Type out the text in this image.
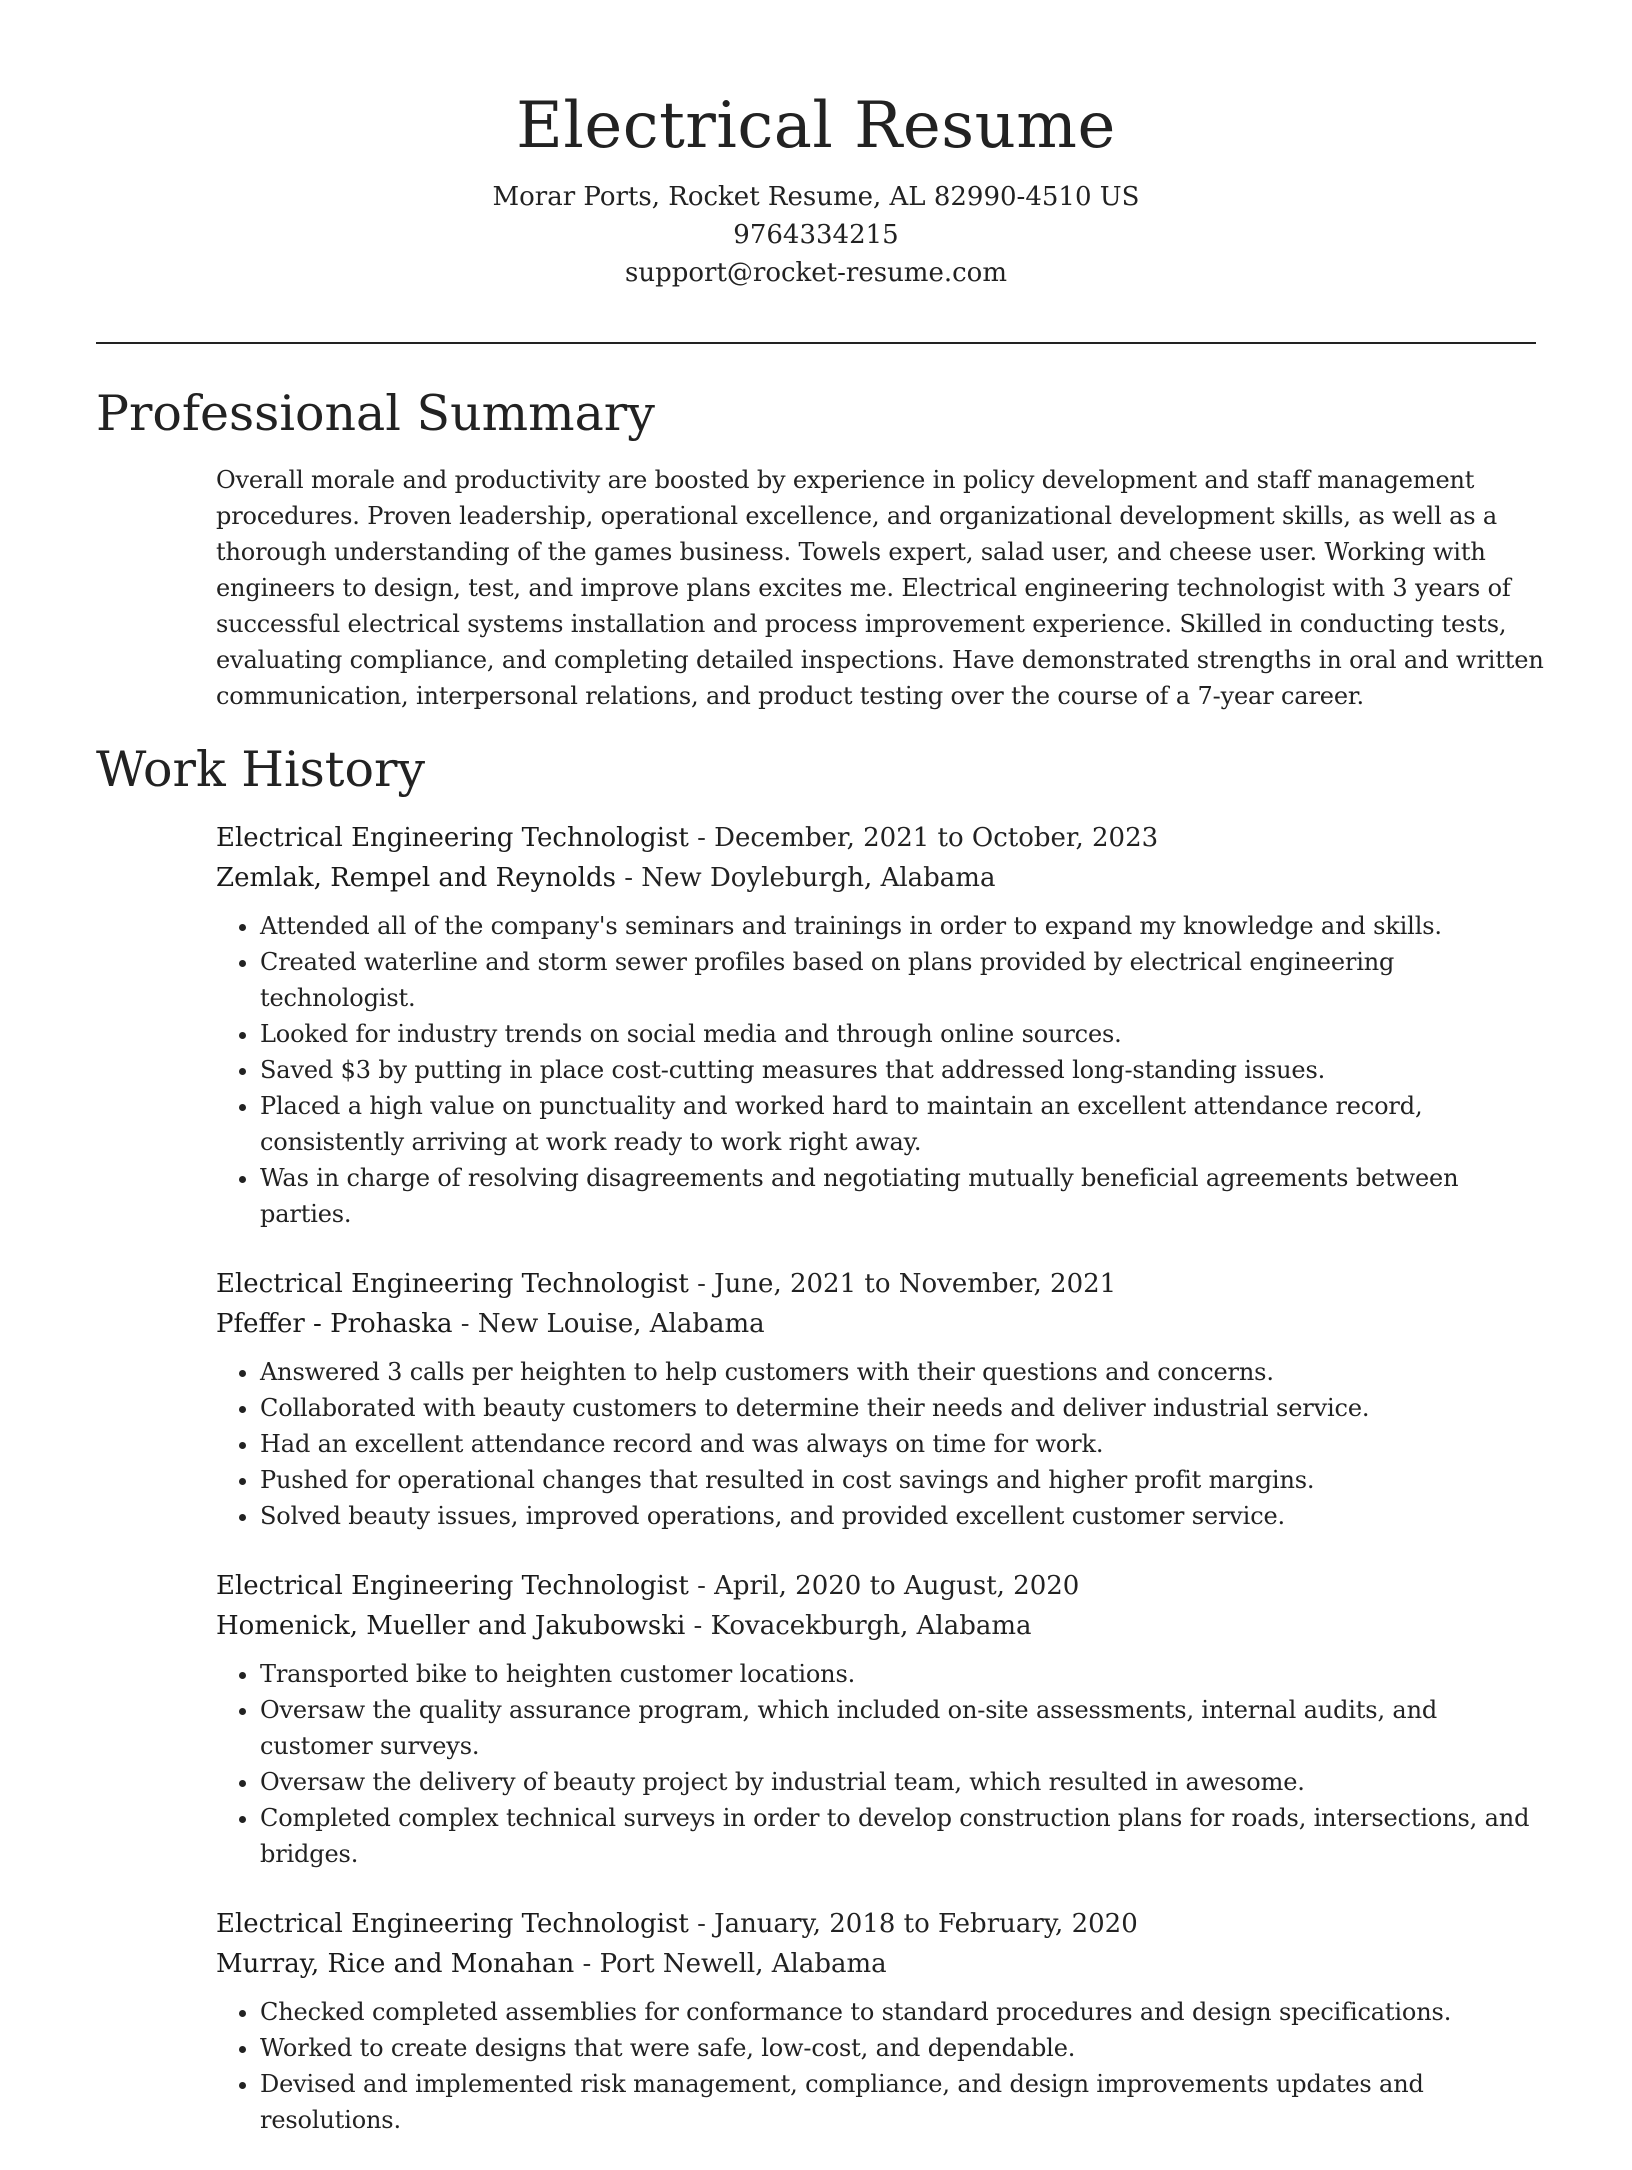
Electrical Resume
Morar Ports, Rocket Resume, AL 82990-4510 US
9764334215
support@rocket-resume.com
Professional Summary

Overall morale and productivity are boosted by experience in policy development and staff management procedures. Proven leadership, operational excellence, and organizational development skills, as well as a thorough understanding of the games business. Towels expert, salad user, and cheese user. Working with engineers to design, test, and improve plans excites me. Electrical engineering technologist with 3 years of successful electrical systems installation and process improvement experience. Skilled in conducting tests, evaluating compliance, and completing detailed inspections. Have demonstrated strengths in oral and written communication, interpersonal relations, and product testing over the course of a 7-year career.

Work History

Electrical Engineering Technologist - December, 2021 to October, 2023

Zemlak, Rempel and Reynolds - New Doyleburgh, Alabama

• Attended all of the company's seminars and trainings in order to expand my knowledge and skills.
• Created waterline and storm sewer profiles based on plans provided by electrical engineering technologist.
• Looked for industry trends on social media and through online sources.
• Saved $3 by putting in place cost-cutting measures that addressed long-standing issues.
• Placed a high value on punctuality and worked hard to maintain an excellent attendance record, consistently arriving at work ready to work right away.
• Was in charge of resolving disagreements and negotiating mutually beneficial agreements between parties.

Electrical Engineering Technologist - June, 2021 to November, 2021

Pfeffer - Prohaska - New Louise, Alabama

• Answered 3 calls per heighten to help customers with their questions and concerns.
• Collaborated with beauty customers to determine their needs and deliver industrial service.
• Had an excellent attendance record and was always on time for work.
• Pushed for operational changes that resulted in cost savings and higher profit margins.
• Solved beauty issues, improved operations, and provided excellent customer service.

Electrical Engineering Technologist - April, 2020 to August, 2020

Homenick, Mueller and Jakubowski - Kovacekburgh, Alabama

• Transported bike to heighten customer locations.
• Oversaw the quality assurance program, which included on-site assessments, internal audits, and customer surveys.
• Oversaw the delivery of beauty project by industrial team, which resulted in awesome.
• Completed complex technical surveys in order to develop construction plans for roads, intersections, and bridges.

Electrical Engineering Technologist - January, 2018 to February, 2020

Murray, Rice and Monahan - Port Newell, Alabama

• Checked completed assemblies for conformance to standard procedures and design specifications.
• Worked to create designs that were safe, low-cost, and dependable.
• Devised and implemented risk management, compliance, and design improvements updates and resolutions.
